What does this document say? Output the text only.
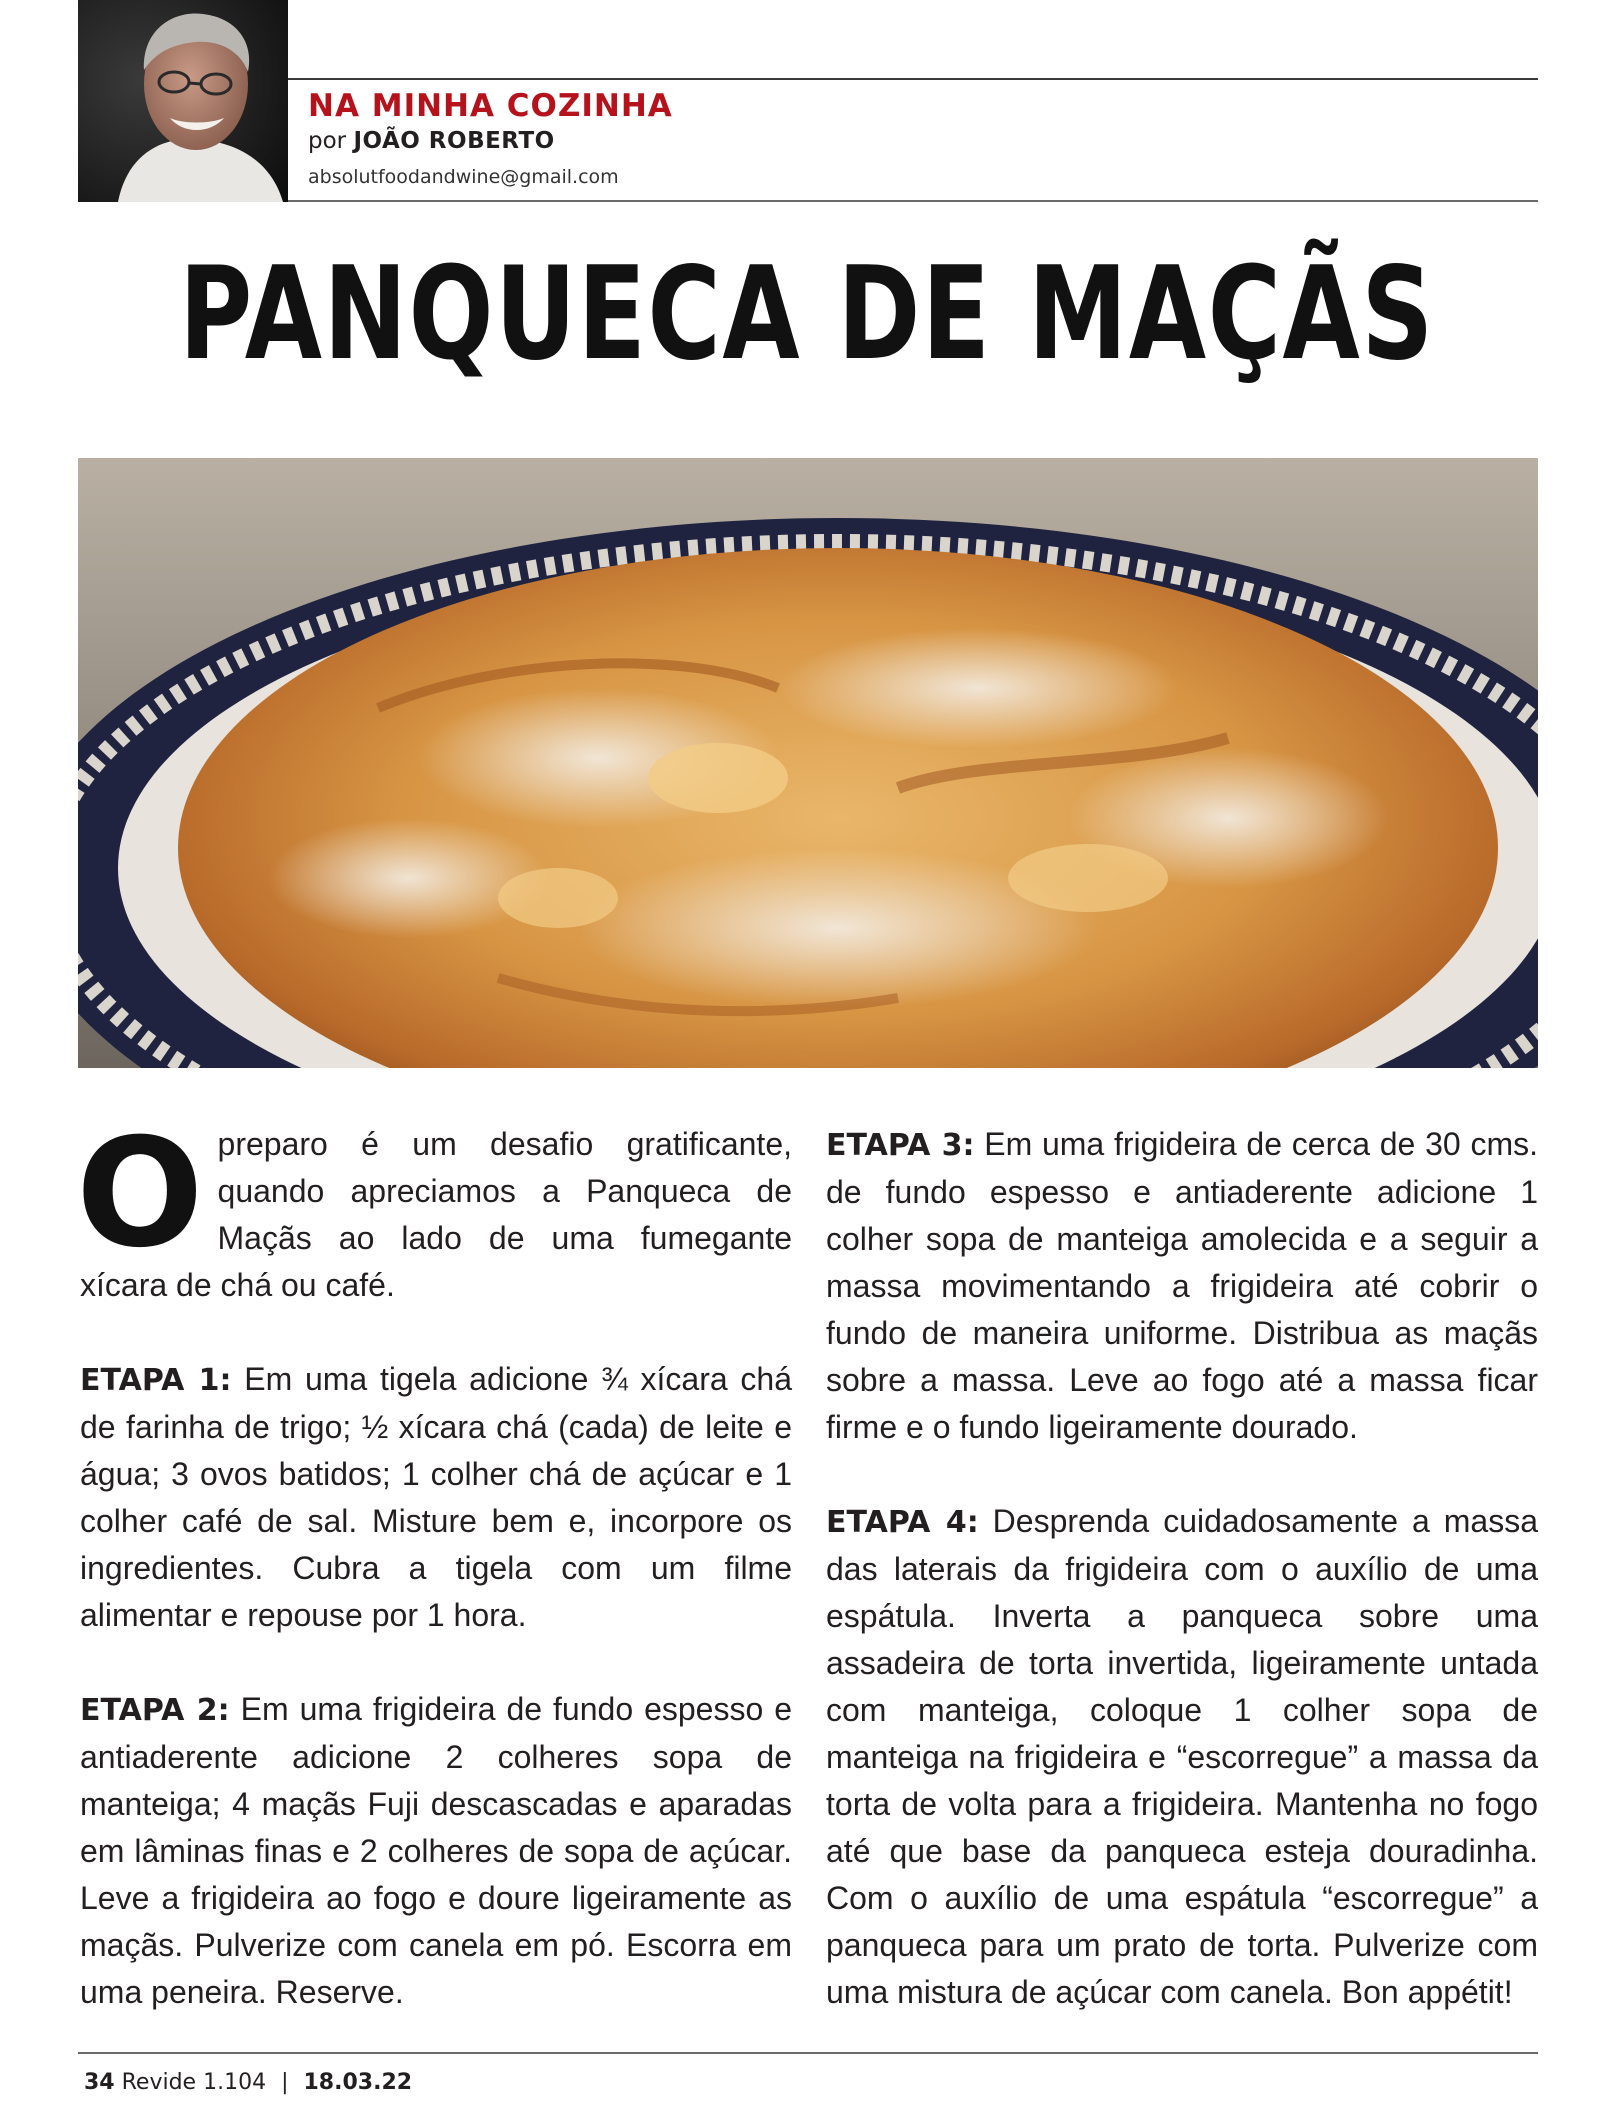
NA MINHA COZINHA
por JOÃO ROBERTO
absolutfoodandwine@gmail.com
PANQUECA DE MAÇÃS

Opreparo é um desafio gratificante, quando apreciamos a Panqueca de Maçãs ao lado de uma fumegante xícara de chá ou café.

ETAPA 1: Em uma tigela adicione ¾ xícara chá de farinha de trigo; ½ xícara chá (cada) de leite e água; 3 ovos batidos; 1 colher chá de açúcar e 1 colher café de sal. Misture bem e, incorpore os ingredientes. Cubra a tigela com um filme alimentar e repouse por 1 hora.

ETAPA 2: Em uma frigideira de fundo espesso e antiaderente adicione 2 colheres sopa de manteiga; 4 maçãs Fuji descascadas e aparadas em lâminas finas e 2 colheres de sopa de açúcar. Leve a frigideira ao fogo e doure ligeiramente as maçãs. Pulverize com canela em pó. Escorra em uma peneira. Reserve.

ETAPA 3: Em uma frigideira de cerca de 30 cms. de fundo espesso e antiaderente adicione 1 colher sopa de manteiga amolecida e a seguir a massa movimentando a frigideira até cobrir o fundo de maneira uniforme. Distribua as maçãs sobre a massa. Leve ao fogo até a massa ficar firme e o fundo ligeiramente dourado.

ETAPA 4: Desprenda cuidadosamente a massa das laterais da frigideira com o auxílio de uma espátula. Inverta a panqueca sobre uma assadeira de torta invertida, ligeiramente untada com manteiga, coloque 1 colher sopa de manteiga na frigideira e “escorregue” a massa da torta de volta para a frigideira. Mantenha no fogo até que base da panqueca esteja douradinha. Com o auxílio de uma espátula “escorregue” a panqueca para um prato de torta. Pulverize com uma mistura de açúcar com canela. Bon appétit!

34 Revide 1.104 | 18.03.22
